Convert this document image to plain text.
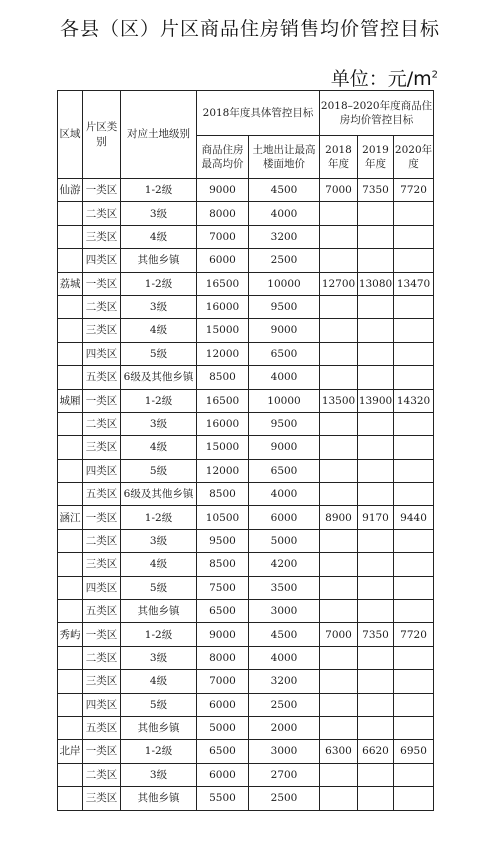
各县（区）片区商品住房销售均价管控目标
单位：元$/m^2$
区域	片区类别	对应土地级别	2018年度具体管控目标		2018–2020年度商品住房均价管控目标		
			商品住房最高均价	土地出让最高楼面地价	2018年度	2019年度	2020年度
仙游	一类区	1-2级	9000	4500	7000	7350	7720
	二类区	3级	8000	4000			
	三类区	4级	7000	3200			
	四类区	其他乡镇	6000	2500			
荔城	一类区	1-2级	16500	10000	12700	13080	13470
	二类区	3级	16000	9500			
	三类区	4级	15000	9000			
	四类区	5级	12000	6500			
	五类区	6级及其他乡镇	8500	4000			
城厢	一类区	1-2级	16500	10000	13500	13900	14320
	二类区	3级	16000	9500			
	三类区	4级	15000	9000			
	四类区	5级	12000	6500			
	五类区	6级及其他乡镇	8500	4000			
涵江	一类区	1-2级	10500	6000	8900	9170	9440
	二类区	3级	9500	5000			
	三类区	4级	8500	4200			
	四类区	5级	7500	3500			
	五类区	其他乡镇	6500	3000			
秀屿	一类区	1-2级	9000	4500	7000	7350	7720
	二类区	3级	8000	4000			
	三类区	4级	7000	3200			
	四类区	5级	6000	2500			
	五类区	其他乡镇	5000	2000			
北岸	一类区	1-2级	6500	3000	6300	6620	6950
	二类区	3级	6000	2700			
	三类区	其他乡镇	5500	2500			
